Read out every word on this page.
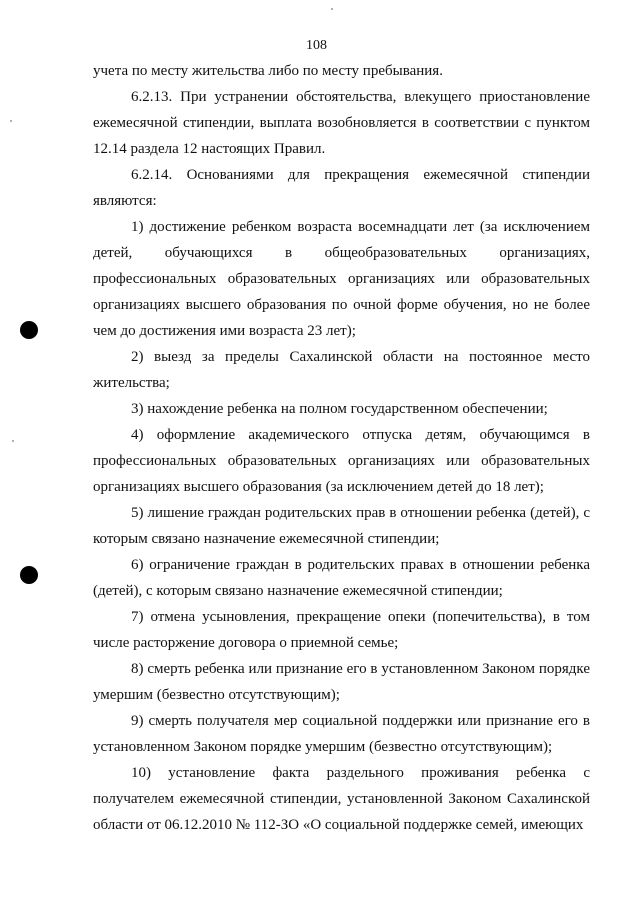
108

учета по месту жительства либо по месту пребывания.

6.2.13. При устранении обстоятельства, влекущего приостановление ежемесячной стипендии, выплата возобновляется в соответствии с пунктом 12.14 раздела 12 настоящих Правил.

6.2.14. Основаниями для прекращения ежемесячной стипендии являются:

1) достижение ребенком возраста восемнадцати лет (за исключением детей, обучающихся в общеобразовательных организациях, профессиональных образовательных организациях или образовательных организациях высшего образования по очной форме обучения, но не более чем до достижения ими возраста 23 лет);

2) выезд за пределы Сахалинской области на постоянное место жительства;

3) нахождение ребенка на полном государственном обеспечении;

4) оформление академического отпуска детям, обучающимся в профессиональных образовательных организациях или образовательных организациях высшего образования (за исключением детей до 18 лет);

5) лишение граждан родительских прав в отношении ребенка (детей), с которым связано назначение ежемесячной стипендии;

6) ограничение граждан в родительских правах в отношении ребенка (детей), с которым связано назначение ежемесячной стипендии;

7) отмена усыновления, прекращение опеки (попечительства), в том числе расторжение договора о приемной семье;

8) смерть ребенка или признание его в установленном Законом порядке умершим (безвестно отсутствующим);

9) смерть получателя мер социальной поддержки или признание его в установленном Законом порядке умершим (безвестно отсутствующим);

10) установление факта раздельного проживания ребенка с получателем ежемесячной стипендии, установленной Законом Сахалинской области от 06.12.2010 № 112-ЗО «О социальной поддержке семей, имеющих
